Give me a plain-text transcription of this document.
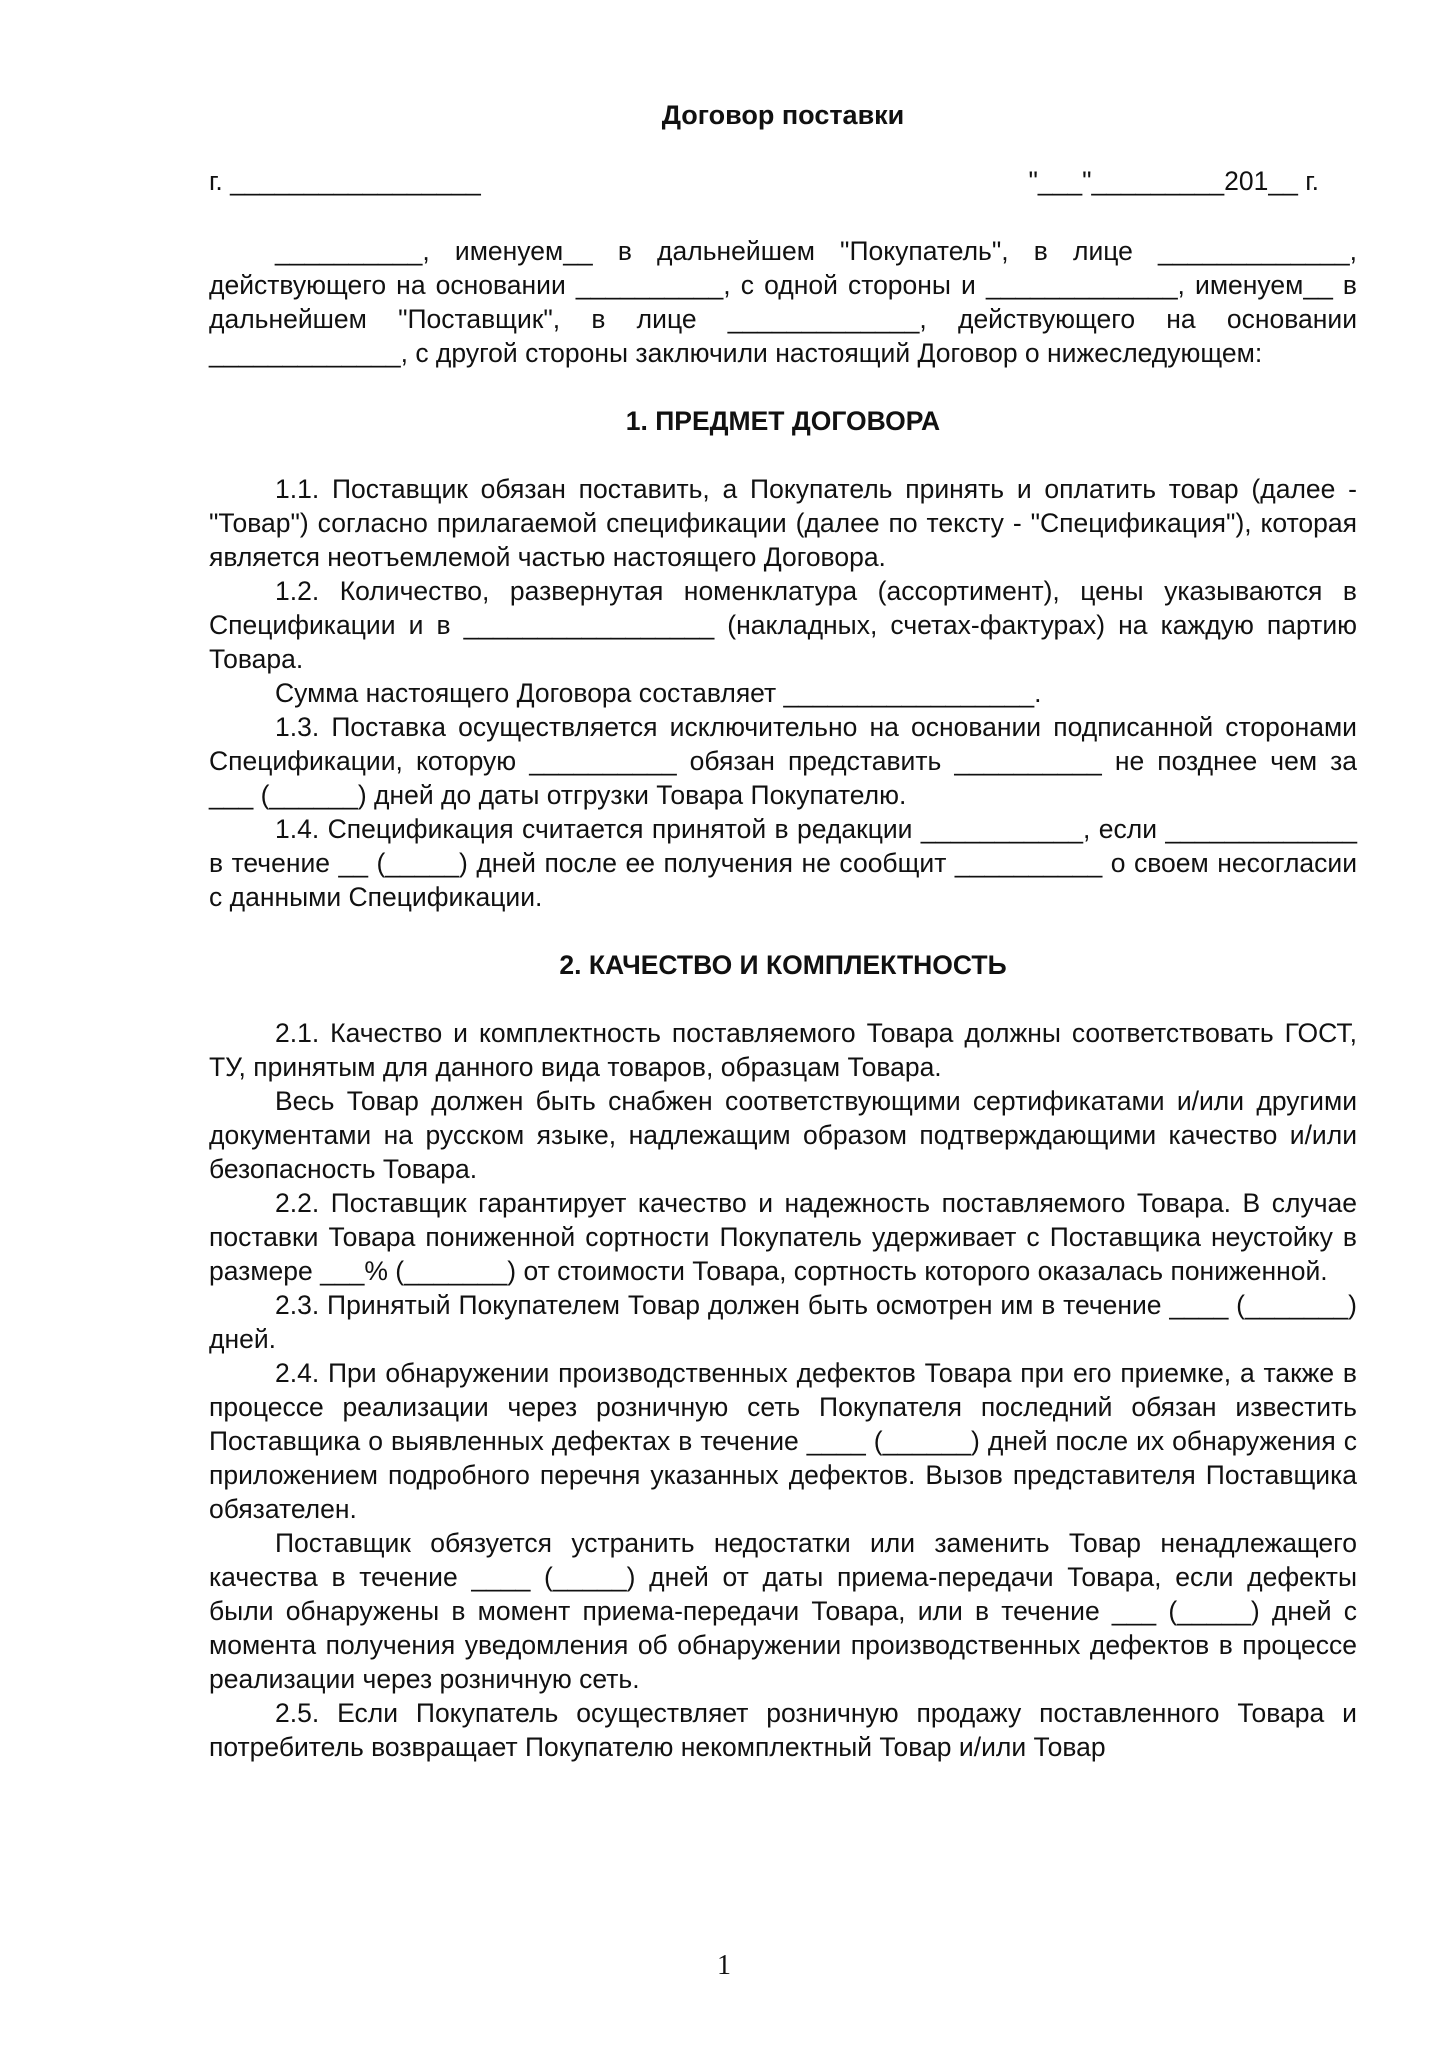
Договор поставки
г. _________________	"___"_________201__ г.

__________, именуем__ в дальнейшем "Покупатель", в лице _____________, действующего на основании __________, с одной стороны и _____________, именуем__ в дальнейшем "Поставщик", в лице _____________, действующего на основании _____________, с другой стороны заключили настоящий Договор о нижеследующем:

1. ПРЕДМЕТ ДОГОВОРА

1.1. Поставщик обязан поставить, а Покупатель принять и оплатить товар (далее - "Товар") согласно прилагаемой спецификации (далее по тексту - "Спецификация"), которая является неотъемлемой частью настоящего Договора.

1.2. Количество, развернутая номенклатура (ассортимент), цены указываются в Спецификации и в _________________ (накладных, счетах-фактурах) на каждую партию Товара.

Сумма настоящего Договора составляет _________________.

1.3. Поставка осуществляется исключительно на основании подписанной сторонами Спецификации, которую __________ обязан представить __________ не позднее чем за ___ (______) дней до даты отгрузки Товара Покупателю.

1.4. Спецификация считается принятой в редакции ___________, если _____________ в течение __ (_____) дней после ее получения не сообщит __________ о своем несогласии с данными Спецификации.

2. КАЧЕСТВО И КОМПЛЕКТНОСТЬ

2.1. Качество и комплектность поставляемого Товара должны соответствовать ГОСТ, ТУ, принятым для данного вида товаров, образцам Товара.

Весь Товар должен быть снабжен соответствующими сертификатами и/или другими документами на русском языке, надлежащим образом подтверждающими качество и/или безопасность Товара.

2.2. Поставщик гарантирует качество и надежность поставляемого Товара. В случае поставки Товара пониженной сортности Покупатель удерживает с Поставщика неустойку в размере ___% (_______) от стоимости Товара, сортность которого оказалась пониженной.

2.3. Принятый Покупателем Товар должен быть осмотрен им в течение ____ (_______) дней.

2.4. При обнаружении производственных дефектов Товара при его приемке, а также в процессе реализации через розничную сеть Покупателя последний обязан известить Поставщика о выявленных дефектах в течение ____ (______) дней после их обнаружения с приложением подробного перечня указанных дефектов. Вызов представителя Поставщика обязателен.

Поставщик обязуется устранить недостатки или заменить Товар ненадлежащего качества в течение ____ (_____) дней от даты приема-передачи Товара, если дефекты были обнаружены в момент приема-передачи Товара, или в течение ___ (_____) дней с момента получения уведомления об обнаружении производственных дефектов в процессе реализации через розничную сеть.

2.5. Если Покупатель осуществляет розничную продажу поставленного Товара и потребитель возвращает Покупателю некомплектный Товар и/или Товар

1
